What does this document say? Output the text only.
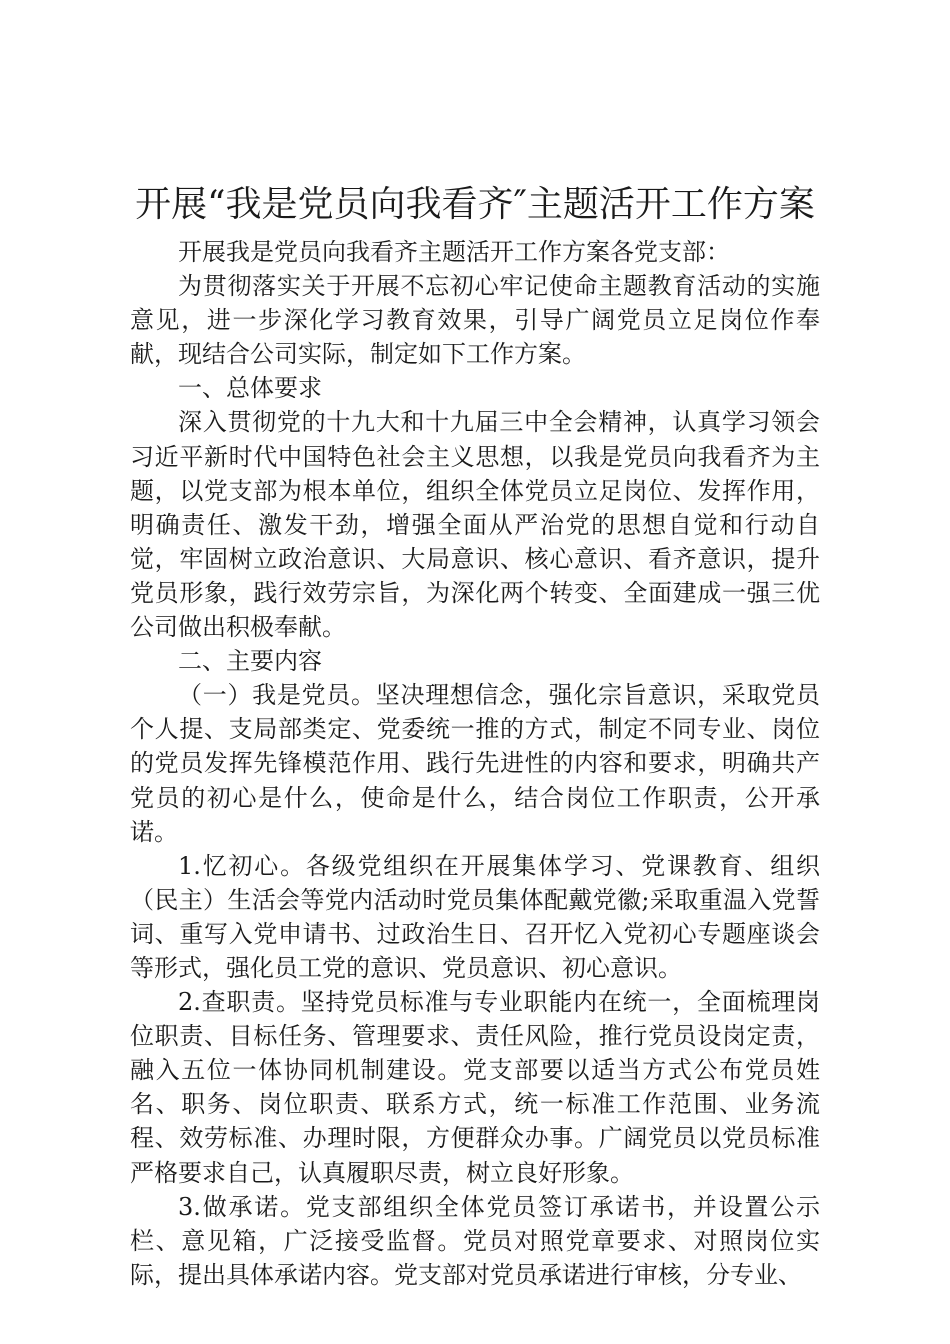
开展“我是党员向我看齐″主题活开工作方案

开展我是党员向我看齐主题活开工作方案各党支部：

为贯彻落实关于开展不忘初心牢记使命主题教育活动的实施意见，进一步深化学习教育效果，引导广阔党员立足岗位作奉献，现结合公司实际，制定如下工作方案。

一、总体要求

深入贯彻党的十九大和十九届三中全会精神，认真学习领会习近平新时代中国特色社会主义思想，以我是党员向我看齐为主题，以党支部为根本单位，组织全体党员立足岗位、发挥作用，明确责任、激发干劲，增强全面从严治党的思想自觉和行动自觉，牢固树立政治意识、大局意识、核心意识、看齐意识，提升党员形象，践行效劳宗旨，为深化两个转变、全面建成一强三优公司做出积极奉献。

二、主要内容

（一）我是党员。坚决理想信念，强化宗旨意识，采取党员个人提、支局部类定、党委统一推的方式，制定不同专业、岗位的党员发挥先锋模范作用、践行先进性的内容和要求，明确共产党员的初心是什么，使命是什么，结合岗位工作职责，公开承诺。

1.忆初心。各级党组织在开展集体学习、党课教育、组织（民主）生活会等党内活动时党员集体配戴党徽;采取重温入党誓词、重写入党申请书、过政治生日、召开忆入党初心专题座谈会等形式，强化员工党的意识、党员意识、初心意识。

2.查职责。坚持党员标准与专业职能内在统一，全面梳理岗位职责、目标任务、管理要求、责任风险，推行党员设岗定责，融入五位一体协同机制建设。党支部要以适当方式公布党员姓名、职务、岗位职责、联系方式，统一标准工作范围、业务流程、效劳标准、办理时限，方便群众办事。广阔党员以党员标准严格要求自己，认真履职尽责，树立良好形象。

3.做承诺。党支部组织全体党员签订承诺书，并设置公示栏、意见箱，广泛接受监督。党员对照党章要求、对照岗位实际，提出具体承诺内容。党支部对党员承诺进行审核，分专业、
